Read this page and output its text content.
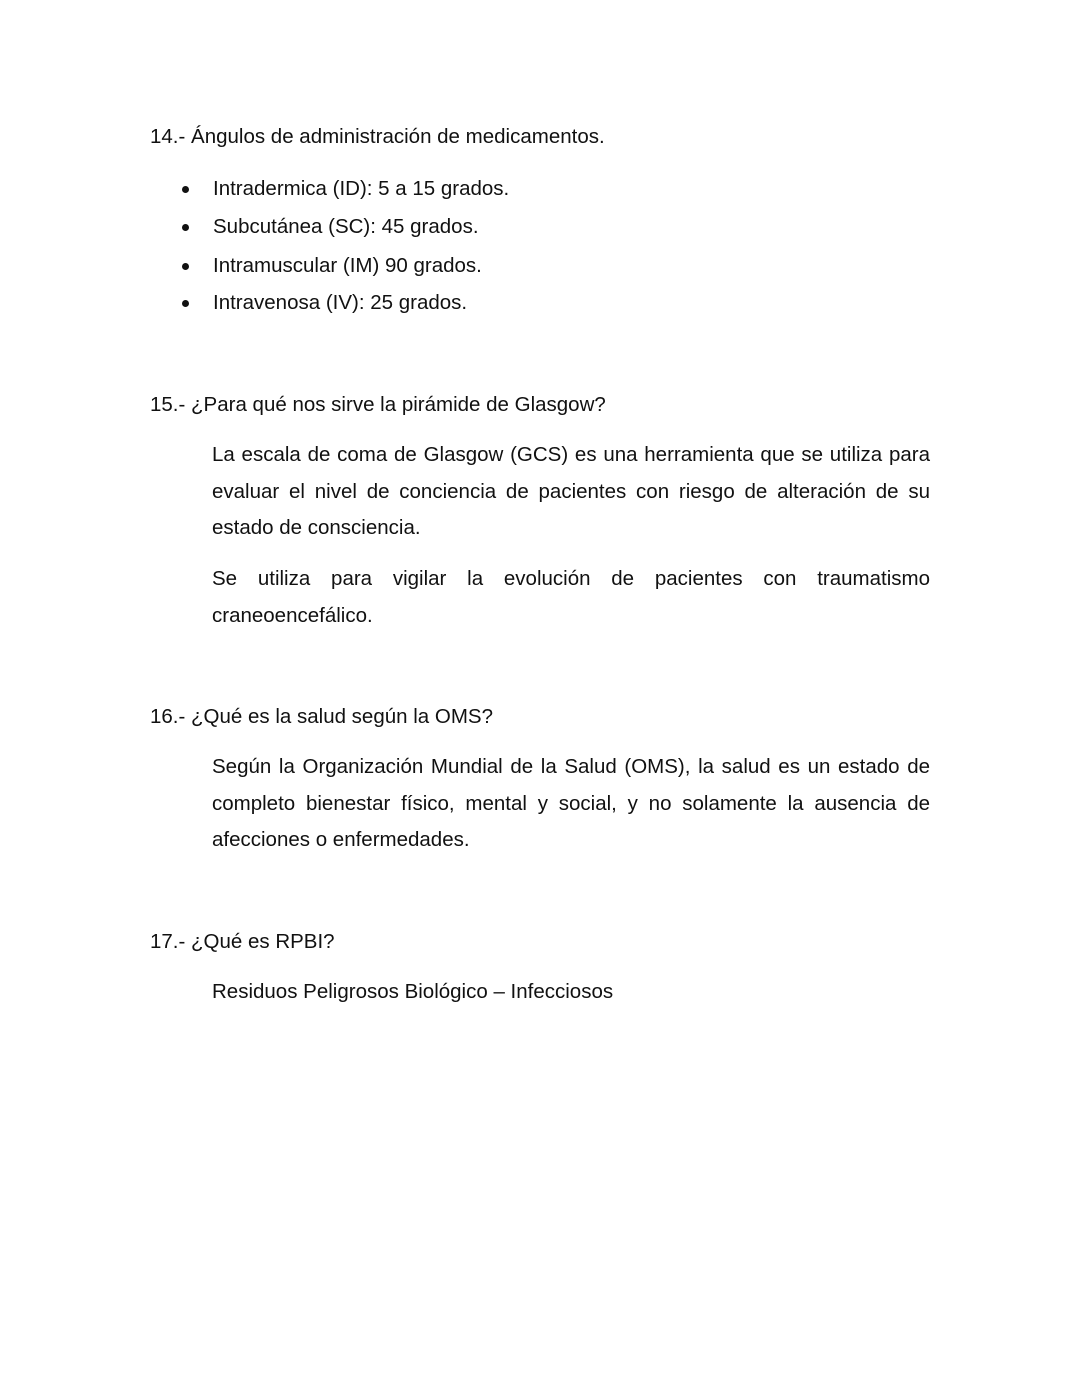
14.- Ángulos de administración de medicamentos.
Intradermica (ID): 5 a 15 grados.
Subcutánea (SC): 45 grados.
Intramuscular (IM) 90 grados.
Intravenosa (IV): 25 grados.
15.- ¿Para qué nos sirve la pirámide de Glasgow?
La escala de coma de Glasgow (GCS) es una herramienta que se utiliza para evaluar el nivel de conciencia de pacientes con riesgo de alteración de su estado de consciencia.
Se utiliza para vigilar la evolución de pacientes con traumatismo craneoencefálico.
16.- ¿Qué es la salud según la OMS?
Según la Organización Mundial de la Salud (OMS), la salud es un estado de completo bienestar físico, mental y social, y no solamente la ausencia de afecciones o enfermedades.
17.- ¿Qué es RPBI?
Residuos Peligrosos Biológico – Infecciosos
